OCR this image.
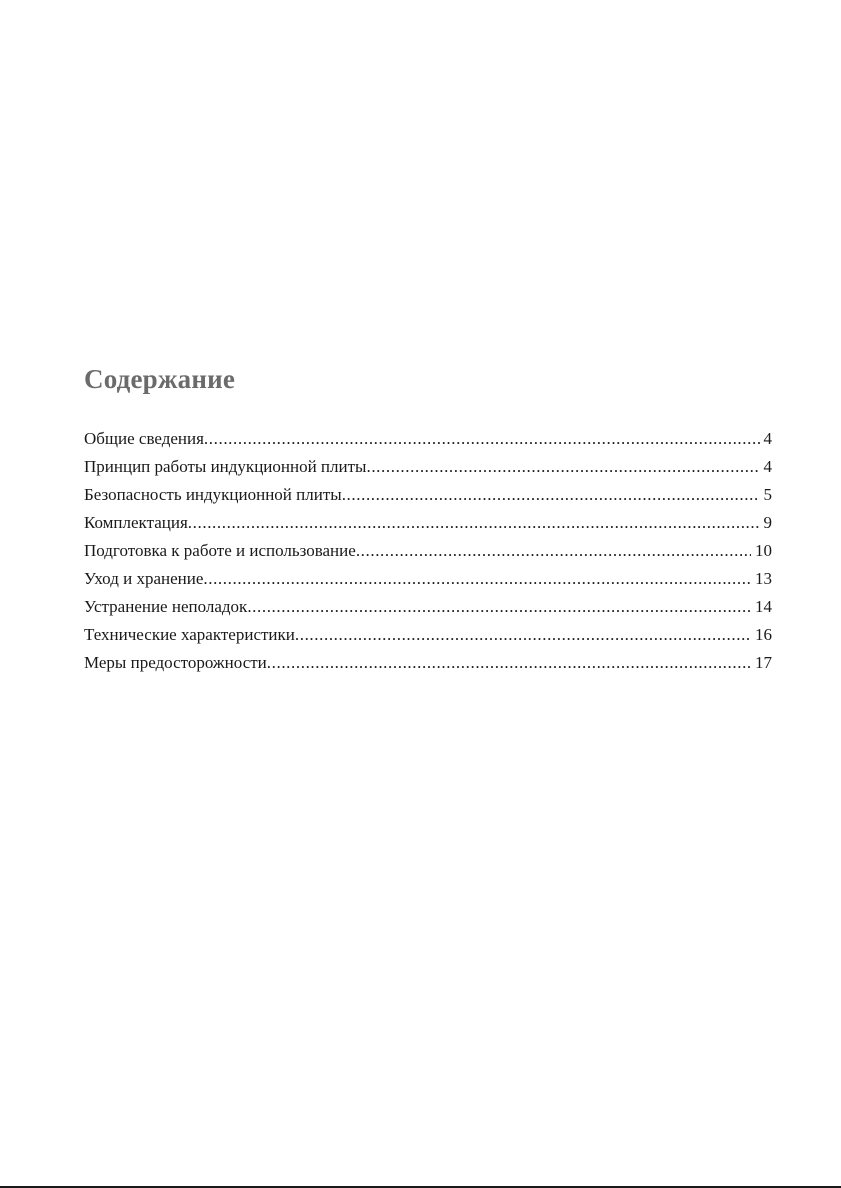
Содержание
Общие сведения .....	4
Принцип работы индукционной плиты .....	4
Безопасность индукционной плиты .....	5
Комплектация .....	9
Подготовка к работе и использование .....	10
Уход и хранение .....	13
Устранение неполадок .....	14
Технические характеристики .....	16
Меры предосторожности .....	17
